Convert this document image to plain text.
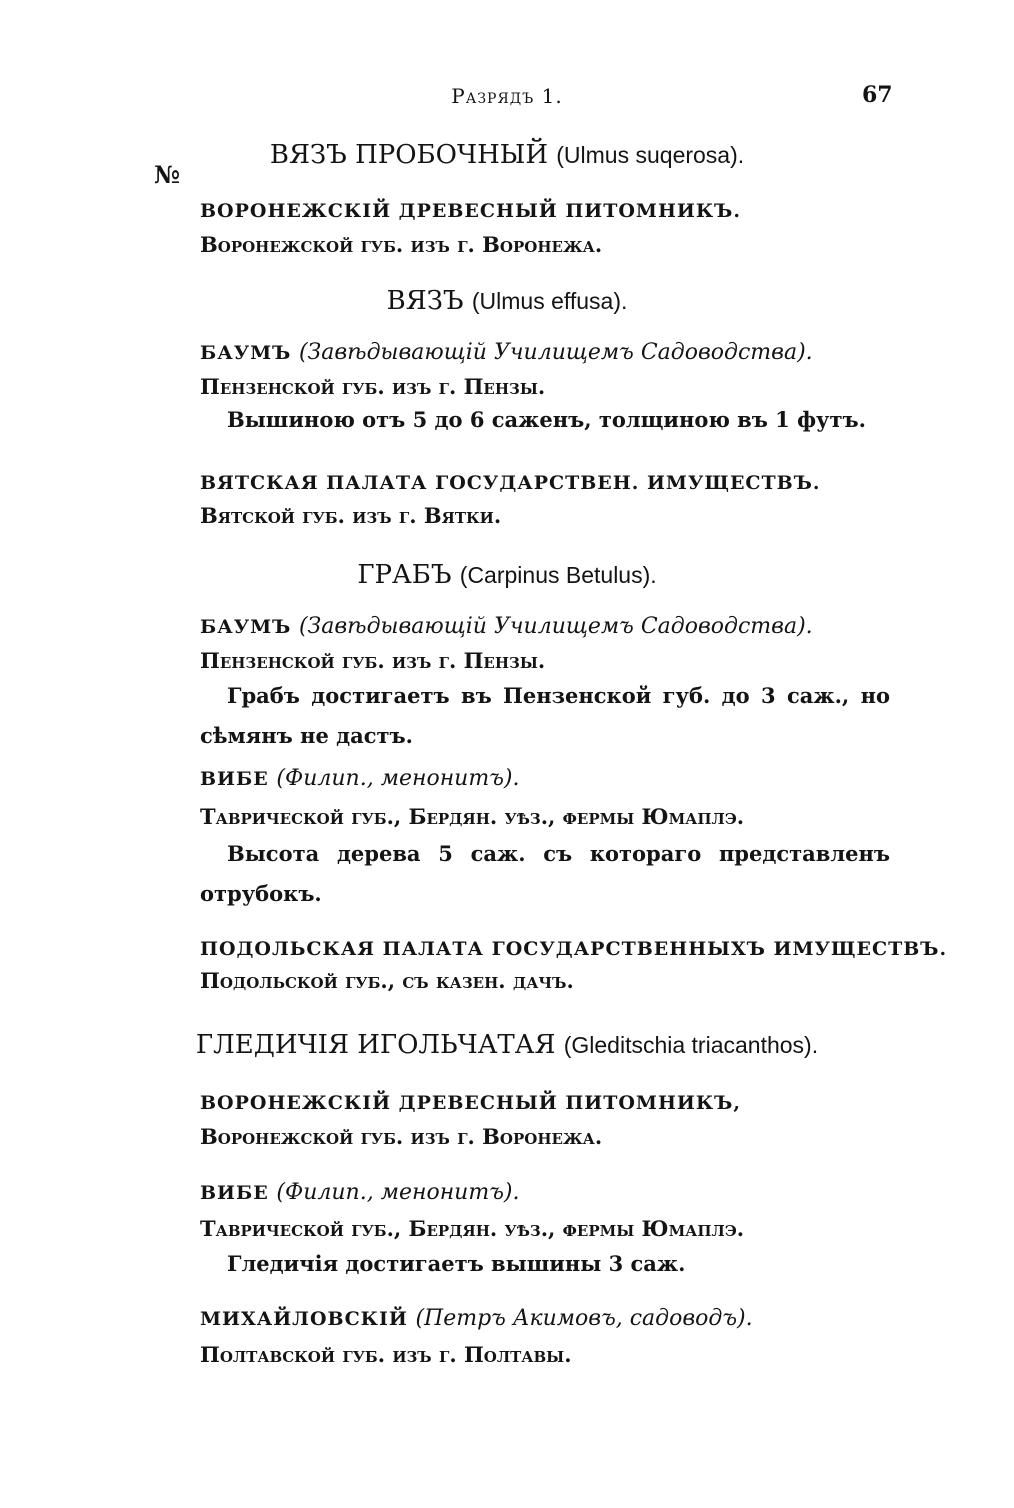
Разрядъ 1.	67
№
ВЯЗЪ ПРОБОЧНЫЙ (Ulmus suqerosa).
ВОРОНЕЖСКІЙ ДРЕВЕСНЫЙ ПИТОМНИКЪ.
Воронежской губ. изъ г. Воронежа.
ВЯЗЪ (Ulmus effusa).
БАУМЪ (Завѣдывающій Училищемъ Садоводства).
Пензенской губ. изъ г. Пензы.
Вышиною отъ 5 до 6 саженъ, толщиною въ 1 футъ.
ВЯТСКАЯ ПАЛАТА ГОСУДАРСТВЕН. ИМУЩЕСТВЪ.
Вятской губ. изъ г. Вятки.
ГРАБЪ (Carpinus Betulus).
БАУМЪ (Завѣдывающій Училищемъ Садоводства).
Пензенской губ. изъ г. Пензы.
Грабъ достигаетъ въ Пензенской губ. до 3 саж., но сѣмянъ не дастъ.
ВИБЕ (Филип., менонитъ).
Таврической губ., Бердян. уѣз., фермы Юмаплэ.
Высота дерева 5 саж. съ котораго представленъ отрубокъ.
ПОДОЛЬСКАЯ ПАЛАТА ГОСУДАРСТВЕННЫХЪ ИМУЩЕСТВЪ.
Подольской губ., съ казен. дачъ.
ГЛЕДИЧІЯ ИГОЛЬЧАТАЯ (Gleditschia triacanthos).
ВОРОНЕЖСКІЙ ДРЕВЕСНЫЙ ПИТОМНИКЪ,
Воронежской губ. изъ г. Воронежа.
ВИБЕ (Филип., менонитъ).
Таврической губ., Бердян. уѣз., фермы Юмаплэ.
Гледичія достигаетъ вышины 3 саж.
МИХАЙЛОВСКІЙ (Петръ Акимовъ, садоводъ).
Полтавской губ. изъ г. Полтавы.
